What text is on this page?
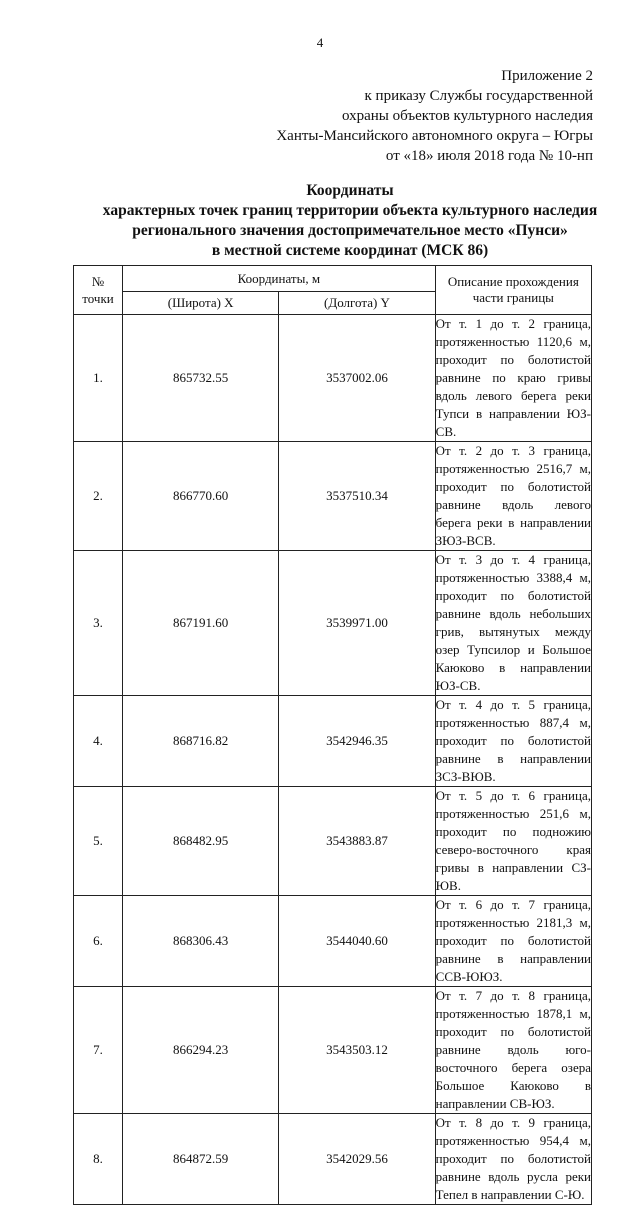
4
Приложение 2
к приказу Службы государственной
охраны объектов культурного наследия
Ханты-Мансийского автономного округа – Югры
от «18» июля 2018 года № 10-нп
Координаты
характерных точек границ территории объекта культурного наследия
регионального значения достопримечательное место «Пунси»
в местной системе координат (МСК 86)
№
точки	Координаты, м		Описание прохождения части границы
	(Широта) X	(Долгота) Y	
1.	865732.55	3537002.06	От т. 1 до т. 2 граница, протяженностью 1120,6 м, проходит по болотистой равнине по краю гривы вдоль левого берега реки Тупси в направлении ЮЗ-СВ.
2.	866770.60	3537510.34	От т. 2 до т. 3 граница, протяженностью 2516,7 м, проходит по болотистой равнине вдоль левого берега реки в направлении ЗЮЗ-ВСВ.
3.	867191.60	3539971.00	От т. 3 до т. 4 граница, протяженностью 3388,4 м, проходит по болотистой равнине вдоль небольших грив, вытянутых между озер Тупсилор и Большое Каюково в направлении ЮЗ-СВ.
4.	868716.82	3542946.35	От т. 4 до т. 5 граница, протяженностью 887,4 м, проходит по болотистой равнине в направлении ЗСЗ-ВЮВ.
5.	868482.95	3543883.87	От т. 5 до т. 6 граница, протяженностью 251,6 м, проходит по подножию северо-восточного края гривы в направлении СЗ-ЮВ.
6.	868306.43	3544040.60	От т. 6 до т. 7 граница, протяженностью 2181,3 м, проходит по болотистой равнине в направлении ССВ-ЮЮЗ.
7.	866294.23	3543503.12	От т. 7 до т. 8 граница, протяженностью 1878,1 м, проходит по болотистой равнине вдоль юго-восточного берега озера Большое Каюково в направлении СВ-ЮЗ.
8.	864872.59	3542029.56	От т. 8 до т. 9 граница, протяженностью 954,4 м, проходит по болотистой равнине вдоль русла реки Тепел в направлении С-Ю.
